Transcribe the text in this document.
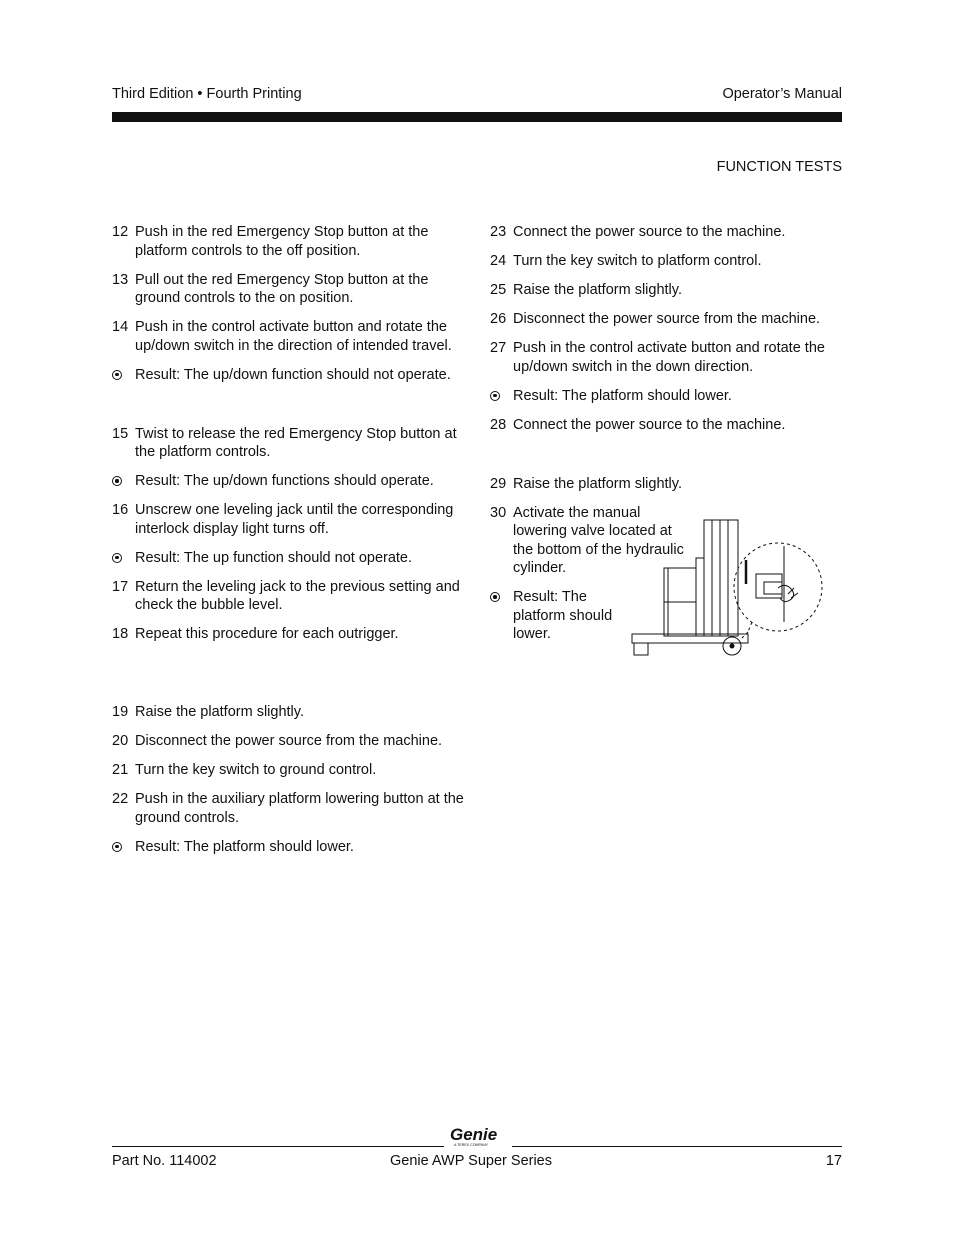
Third Edition • Fourth Printing	Operator’s Manual
FUNCTION TESTS
12 Push in the red Emergency Stop button at the platform controls to the off position.
13 Pull out the red Emergency Stop button at the ground controls to the on position.
14 Push in the control activate button and rotate the up/down switch in the direction of intended travel.
Result: The up/down function should not operate.
15 Twist to release the red Emergency Stop button at the platform controls.
Result: The up/down functions should operate.
16 Unscrew one leveling jack until the corresponding interlock display light turns off.
Result: The up function should not operate.
17 Return the leveling jack to the previous setting and check the bubble level.
18 Repeat this procedure for each outrigger.
19 Raise the platform slightly.
20 Disconnect the power source from the machine.
21 Turn the key switch to ground control.
22 Push in the auxiliary platform lowering button at the ground controls.
Result: The platform should lower.
23 Connect the power source to the machine.
24 Turn the key switch to platform control.
25 Raise the platform slightly.
26 Disconnect the power source from the machine.
27 Push in the control activate button and rotate the up/down switch in the down direction.
Result: The platform should lower.
28 Connect the power source to the machine.
29 Raise the platform slightly.
30 Activate the manual lowering valve located at the bottom of the hydraulic cylinder.
Result: The platform should lower.
Genie
A TEREX COMPANY
Part No. 114002	Genie AWP Super Series	17
